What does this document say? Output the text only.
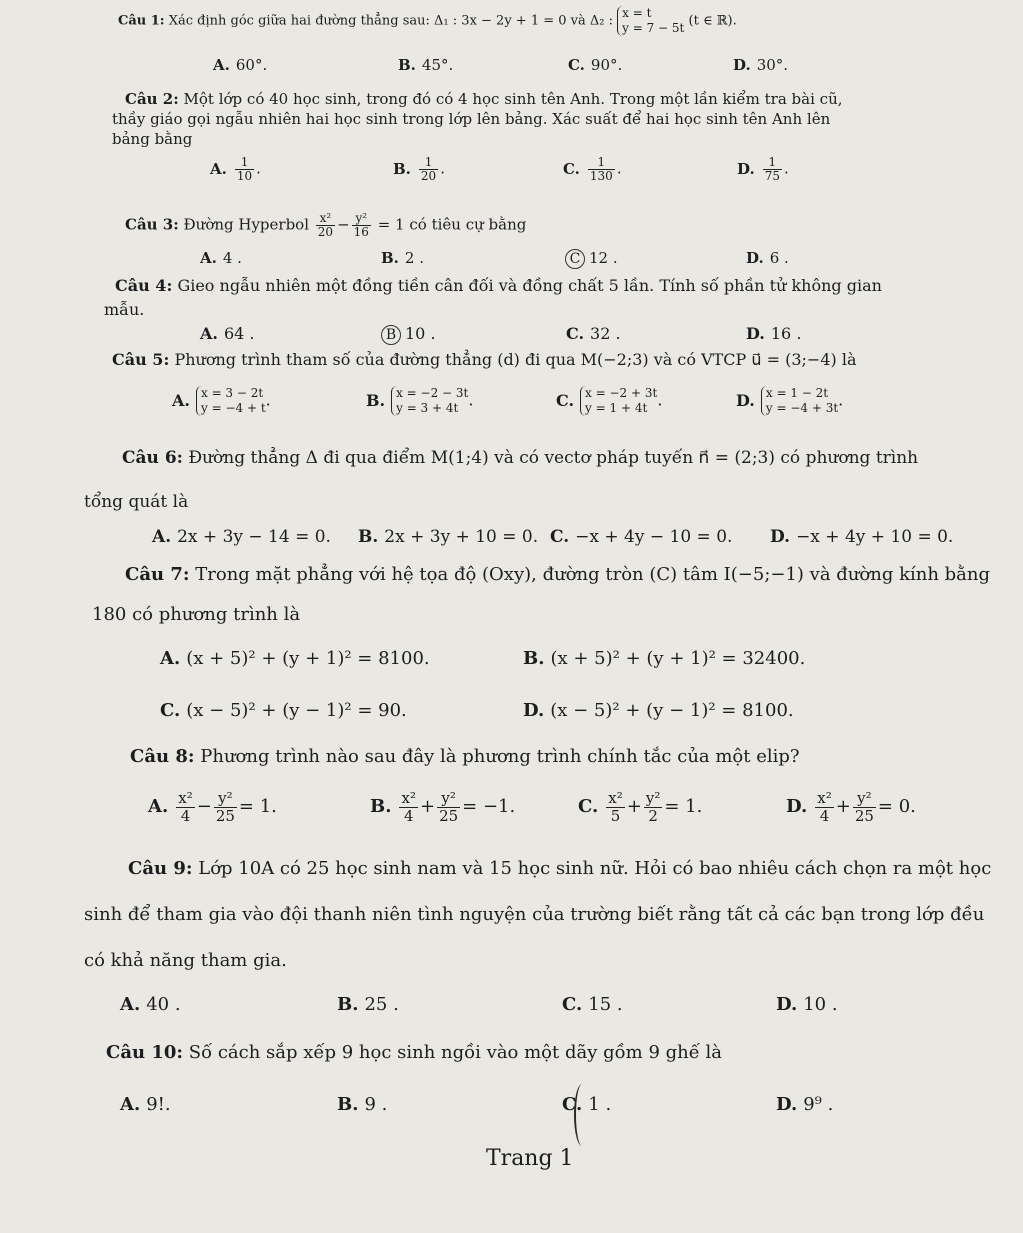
Câu 1: Xác định góc giữa hai đường thẳng sau: Δ₁ : 3x − 2y + 1 = 0 và Δ₂ :
x = t
y = 7 − 5t (t ∈ ℝ).
A. 60°.	B. 45°.	C. 90°.	D. 30°.
Câu 2: Một lớp có 40 học sinh, trong đó có 4 học sinh tên Anh. Trong một lần kiểm tra bài cũ,
thầy giáo gọi ngẫu nhiên hai học sinh trong lớp lên bảng. Xác suất để hai học sinh tên Anh lên
bảng bằng
A. $\frac{1}{10}$ .	B. $\frac{1}{20}$ .	C. $\frac{1}{130}$ .	D. $\frac{1}{75}$ .
Câu 3: Đường Hyperbol $\frac{\text{x²}}{20} - \frac{\text{y²}}{16} = 1$ có tiêu cự bằng
A. 4 .	B. 2 .	C 12 .	D. 6 .
Câu 4: Gieo ngẫu nhiên một đồng tiền cân đối và đồng chất 5 lần. Tính số phần tử không gian
mẫu.
A. 64 .	B 10 .	C. 32 .	D. 16 .
Câu 5: Phương trình tham số của đường thẳng (d) đi qua M(−2;3) và có VTCP u⃗ = (3;−4) là
A. x = 3 − 2t
y = −4 + t .	B. x = −2 − 3t
y = 3 + 4t .	C. x = −2 + 3t
y = 1 + 4t .	D. x = 1 − 2t
y = −4 + 3t .
Câu 6: Đường thẳng Δ đi qua điểm M(1;4) và có vectơ pháp tuyến n⃗ = (2;3) có phương trình
tổng quát là
A. 2x + 3y − 14 = 0. B. 2x + 3y + 10 = 0. C. −x + 4y − 10 = 0. D. −x + 4y + 10 = 0.
Câu 7: Trong mặt phẳng với hệ tọa độ (Oxy), đường tròn (C) tâm I(−5;−1) và đường kính bằng
180 có phương trình là
A. (x + 5)² + (y + 1)² = 8100.	B. (x + 5)² + (y + 1)² = 32400.
C. (x − 5)² + (y − 1)² = 90.	D. (x − 5)² + (y − 1)² = 8100.
Câu 8: Phương trình nào sau đây là phương trình chính tắc của một elip?
A. $\frac{\text{x²}}{4} - \frac{\text{y²}}{25} = 1$.	B. $\frac{\text{x²}}{4} + \frac{\text{y²}}{25} = -1$.	C. $\frac{\text{x²}}{5} + \frac{\text{y²}}{2} = 1$.	D. $\frac{\text{x²}}{4} + \frac{\text{y²}}{25} = 0$.
Câu 9: Lớp 10A có 25 học sinh nam và 15 học sinh nữ. Hỏi có bao nhiêu cách chọn ra một học
sinh để tham gia vào đội thanh niên tình nguyện của trường biết rằng tất cả các bạn trong lớp đều
có khả năng tham gia.
A. 40 .	B. 25 .	C. 15 .	D. 10 .
Câu 10: Số cách sắp xếp 9 học sinh ngồi vào một dãy gồm 9 ghế là
A. 9!.	B. 9 .	C. 1 .	D. 9⁹ .
Trang 1
